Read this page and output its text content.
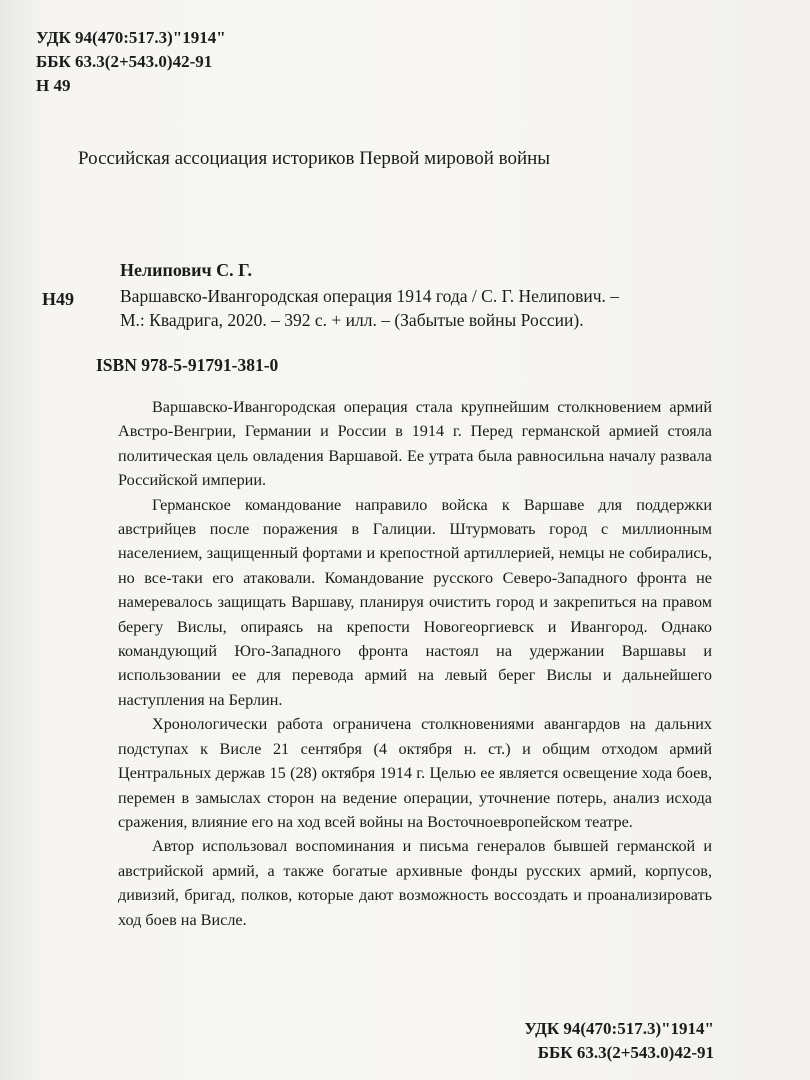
УДК 94(470:517.3)"1914"
ББК 63.3(2+543.0)42-91
Н 49
Российская ассоциация историков Первой мировой войны
Нелипович С. Г.
Н49	Варшавско-Ивангородская операция 1914 года / С. Г. Нелипович. –
М.: Квадрига, 2020. – 392 с. + илл. – (Забытые войны России).
ISBN 978-5-91791-381-0

Варшавско-Ивангородская операция стала крупнейшим столкновением армий Австро-Венгрии, Германии и России в 1914 г. Перед германской армией стояла политическая цель овладения Варшавой. Ее утрата была равносильна началу развала Российской империи.

Германское командование направило войска к Варшаве для поддержки австрийцев после поражения в Галиции. Штурмовать город с миллионным населением, защищенный фортами и крепостной артиллерией, немцы не собирались, но все-таки его атаковали. Командование русского Северо-Западного фронта не намеревалось защищать Варшаву, планируя очистить город и закрепиться на правом берегу Вислы, опираясь на крепости Новогеоргиевск и Ивангород. Однако командующий Юго-Западного фронта настоял на удержании Варшавы и использовании ее для перевода армий на левый берег Вислы и дальнейшего наступления на Берлин.

Хронологически работа ограничена столкновениями авангардов на дальних подступах к Висле 21 сентября (4 октября н. ст.) и общим отходом армий Центральных держав 15 (28) октября 1914 г. Целью ее является освещение хода боев, перемен в замыслах сторон на ведение операции, уточнение потерь, анализ исхода сражения, влияние его на ход всей войны на Восточноевропейском театре.

Автор использовал воспоминания и письма генералов бывшей германской и австрийской армий, а также богатые архивные фонды русских армий, корпусов, дивизий, бригад, полков, которые дают возможность воссоздать и проанализировать ход боев на Висле.

УДК 94(470:517.3)"1914"
ББК 63.3(2+543.0)42-91
